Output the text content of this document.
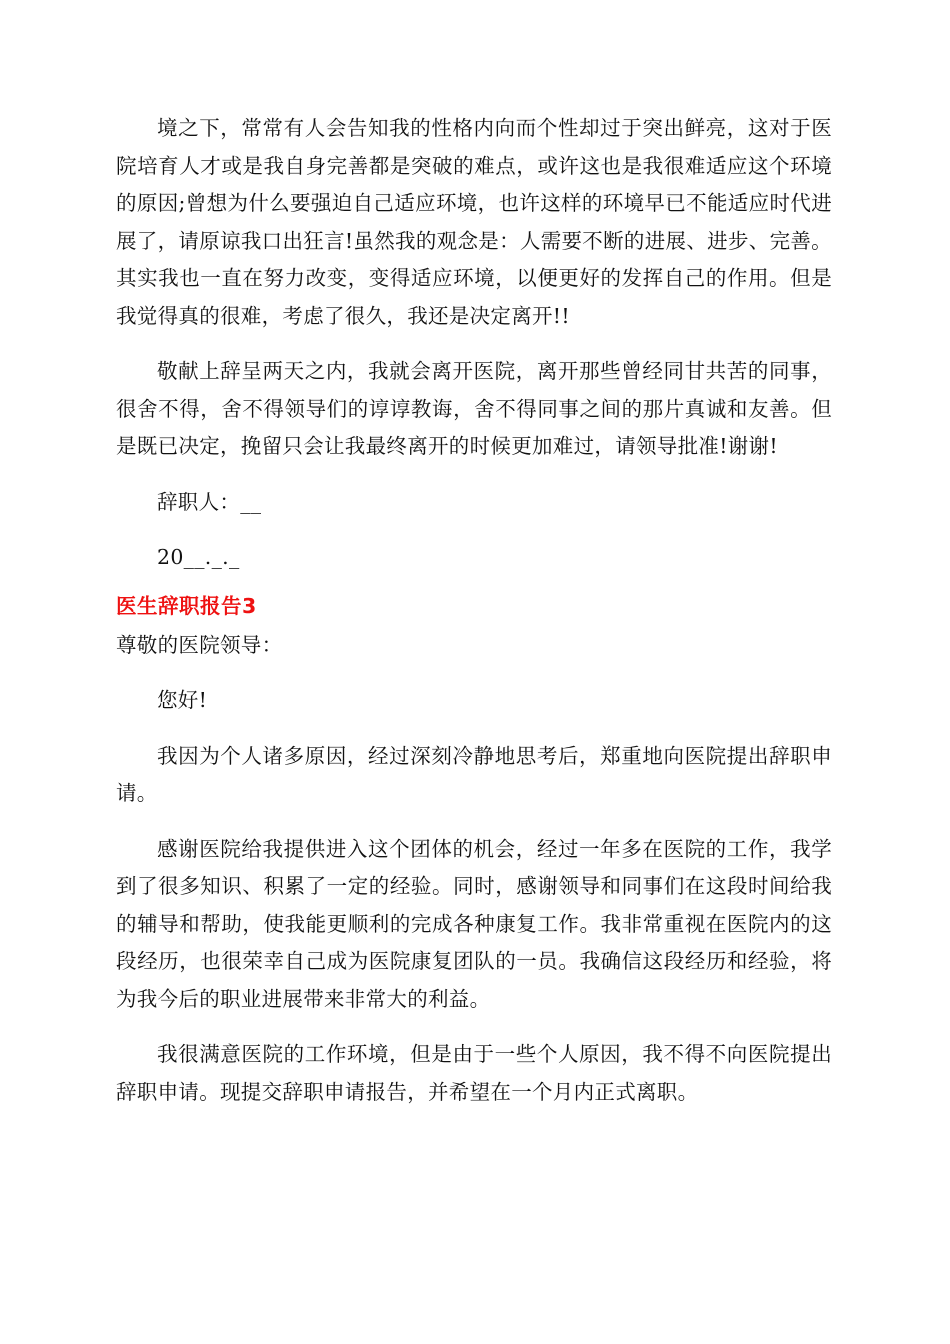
境之下，常常有人会告知我的性格内向而个性却过于突出鲜亮，这对于医院培育人才或是我自身完善都是突破的难点，或许这也是我很难适应这个环境的原因;曾想为什么要强迫自己适应环境，也许这样的环境早已不能适应时代进展了，请原谅我口出狂言!虽然我的观念是：人需要不断的进展、进步、完善。其实我也一直在努力改变，变得适应环境，以便更好的发挥自己的作用。但是我觉得真的很难，考虑了很久，我还是决定离开!!

敬献上辞呈两天之内，我就会离开医院，离开那些曾经同甘共苦的同事，很舍不得，舍不得领导们的谆谆教诲，舍不得同事之间的那片真诚和友善。但是既已决定，挽留只会让我最终离开的时候更加难过，请领导批准!谢谢!

辞职人：__

20__._._

医生辞职报告3

尊敬的医院领导：

您好!

我因为个人诸多原因，经过深刻冷静地思考后，郑重地向医院提出辞职申请。

感谢医院给我提供进入这个团体的机会，经过一年多在医院的工作，我学到了很多知识、积累了一定的经验。同时，感谢领导和同事们在这段时间给我的辅导和帮助，使我能更顺利的完成各种康复工作。我非常重视在医院内的这段经历，也很荣幸自己成为医院康复团队的一员。我确信这段经历和经验，将为我今后的职业进展带来非常大的利益。

我很满意医院的工作环境，但是由于一些个人原因，我不得不向医院提出辞职申请。现提交辞职申请报告，并希望在一个月内正式离职。
